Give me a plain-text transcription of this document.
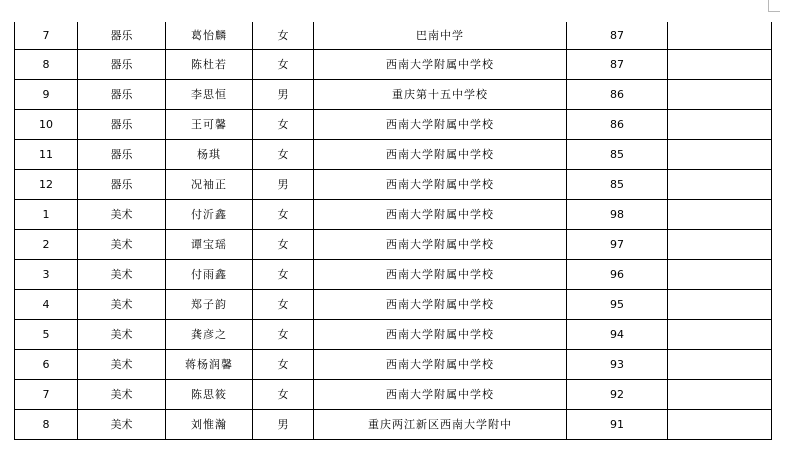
7	器乐	葛怡麟	女	巴南中学	87	
8	器乐	陈杜若	女	西南大学附属中学校	87	
9	器乐	李思恒	男	重庆第十五中学校	86	
10	器乐	王可馨	女	西南大学附属中学校	86	
11	器乐	杨琪	女	西南大学附属中学校	85	
12	器乐	况袖正	男	西南大学附属中学校	85	
1	美术	付沂鑫	女	西南大学附属中学校	98	
2	美术	谭宝瑶	女	西南大学附属中学校	97	
3	美术	付雨鑫	女	西南大学附属中学校	96	
4	美术	郑子韵	女	西南大学附属中学校	95	
5	美术	龚彦之	女	西南大学附属中学校	94	
6	美术	蒋杨润馨	女	西南大学附属中学校	93	
7	美术	陈思筱	女	西南大学附属中学校	92	
8	美术	刘惟瀚	男	重庆两江新区西南大学附中	91	
